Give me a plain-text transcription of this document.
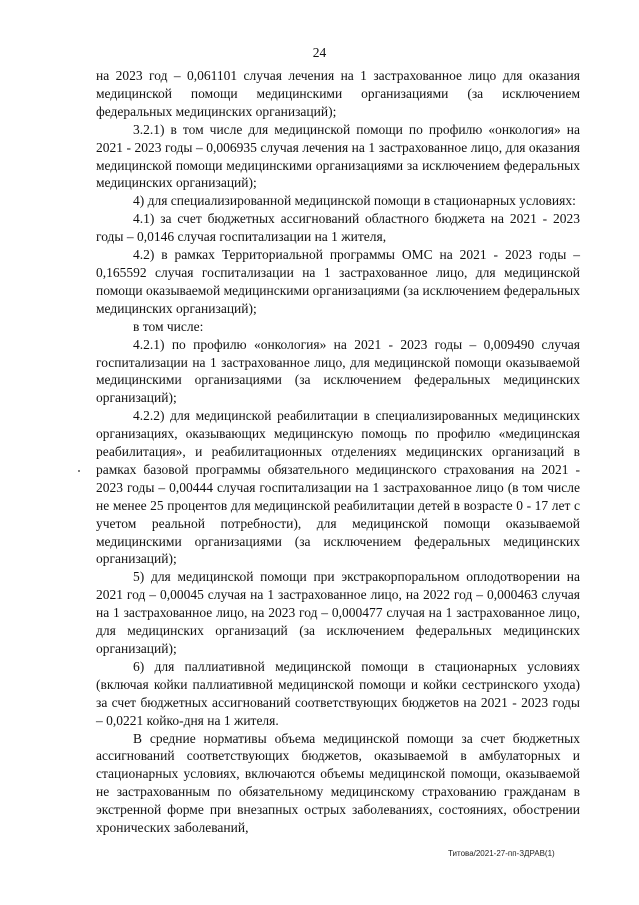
24

на 2023 год – 0,061101 случая лечения на 1 застрахованное лицо для оказания медицинской помощи медицинскими организациями (за исключением федеральных медицинских организаций);

3.2.1) в том числе для медицинской помощи по профилю «онкология» на 2021 - 2023 годы – 0,006935 случая лечения на 1 застрахованное лицо, для оказания медицинской помощи медицинскими организациями за исключением федеральных медицинских организаций);

4) для специализированной медицинской помощи в стационарных условиях:

4.1) за счет бюджетных ассигнований областного бюджета на 2021 - 2023 годы – 0,0146 случая госпитализации на 1 жителя,

4.2) в рамках Территориальной программы ОМС на 2021 - 2023 годы – 0,165592 случая госпитализации на 1 застрахованное лицо, для медицинской помощи оказываемой медицинскими организациями (за исключением федеральных медицинских организаций);

в том числе:

4.2.1) по профилю «онкология» на 2021 - 2023 годы – 0,009490 случая госпитализации на 1 застрахованное лицо, для медицинской помощи оказываемой медицинскими организациями (за исключением федеральных медицинских организаций);

4.2.2) для медицинской реабилитации в специализированных медицинских организациях, оказывающих медицинскую помощь по профилю «медицинская реабилитация», и реабилитационных отделениях медицинских организаций в рамках базовой программы обязательного медицинского страхования на 2021 - 2023 годы – 0,00444 случая госпитализации на 1 застрахованное лицо (в том числе не менее 25 процентов для медицинской реабилитации детей в возрасте 0 - 17 лет с учетом реальной потребности), для медицинской помощи оказываемой медицинскими организациями (за исключением федеральных медицинских организаций);

5) для медицинской помощи при экстракорпоральном оплодотворении на 2021 год – 0,00045 случая на 1 застрахованное лицо, на 2022 год – 0,000463 случая на 1 застрахованное лицо, на 2023 год – 0,000477 случая на 1 застрахованное лицо, для медицинских организаций (за исключением федеральных медицинских организаций);

6) для паллиативной медицинской помощи в стационарных условиях (включая койки паллиативной медицинской помощи и койки сестринского ухода) за счет бюджетных ассигнований соответствующих бюджетов на 2021 - 2023 годы – 0,0221 койко-дня на 1 жителя.

В средние нормативы объема медицинской помощи за счет бюджетных ассигнований соответствующих бюджетов, оказываемой в амбулаторных и стационарных условиях, включаются объемы медицинской помощи, оказываемой не застрахованным по обязательному медицинскому страхованию гражданам в экстренной форме при внезапных острых заболеваниях, состояниях, обострении хронических заболеваний,

Титова/2021-27-пп-ЗДРАВ(1)
